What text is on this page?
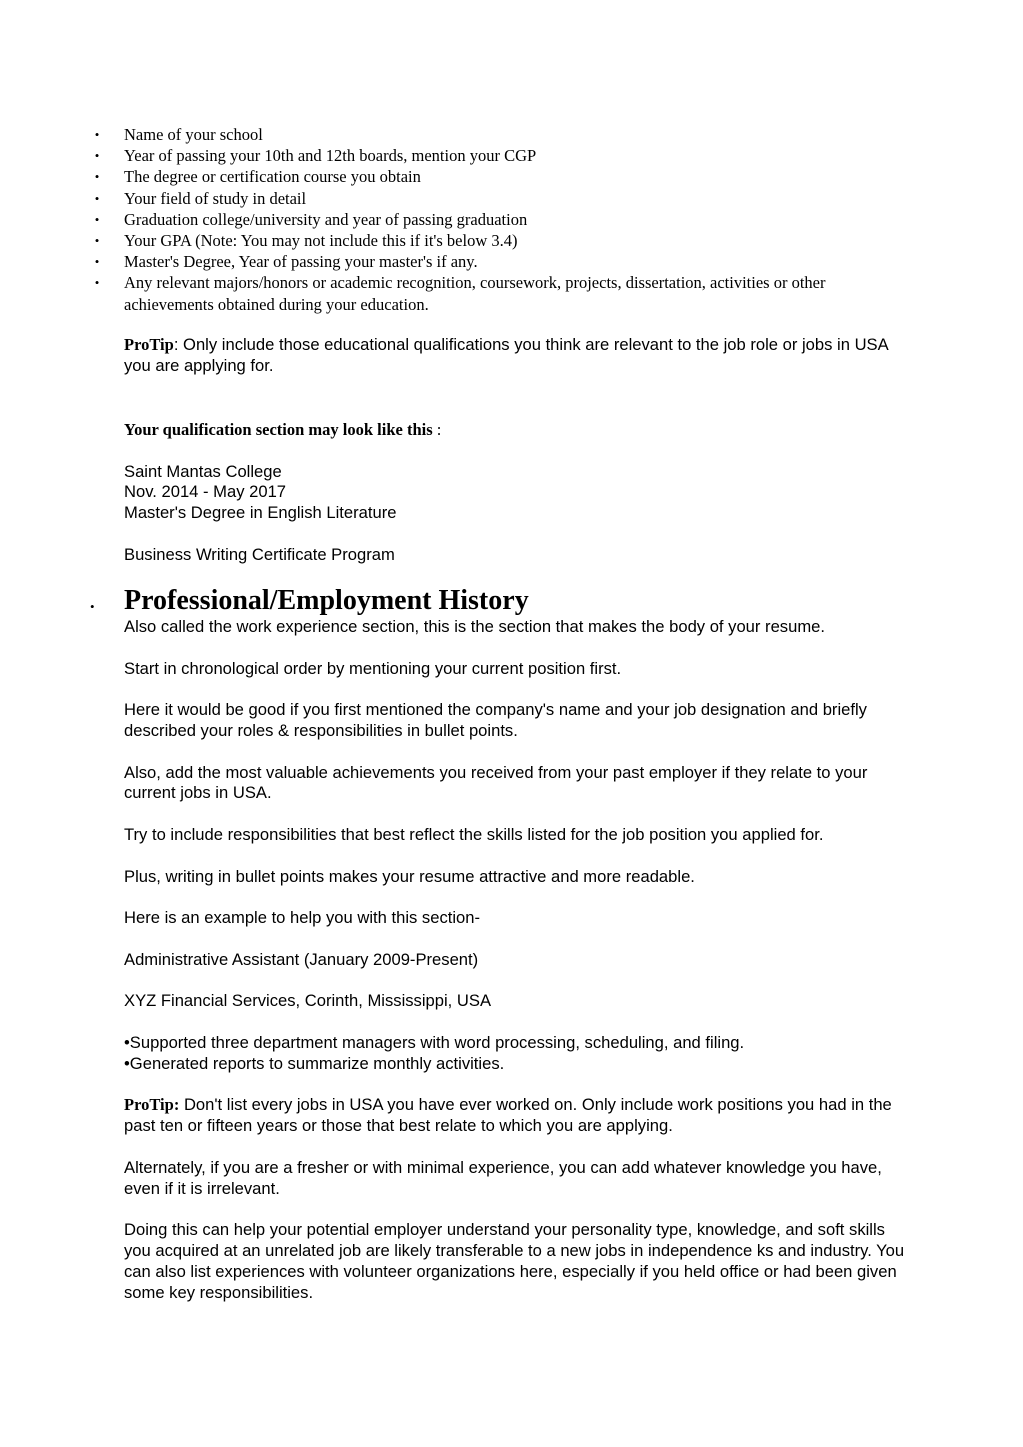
• Name of your school
• Year of passing your 10th and 12th boards, mention your CGP
• The degree or certification course you obtain
• Your field of study in detail
• Graduation college/university and year of passing graduation
• Your GPA (Note: You may not include this if it's below 3.4)
• Master's Degree, Year of passing your master's if any.
• Any relevant majors/honors or academic recognition, coursework, projects, dissertation, activities or other achievements obtained during your education.

ProTip: Only include those educational qualifications you think are relevant to the job role or jobs in USA you are applying for.

Your qualification section may look like this :

Saint Mantas College

Nov. 2014 - May 2017

Master's Degree in English Literature

Business Writing Certificate Program

• Professional/Employment History

Also called the work experience section, this is the section that makes the body of your resume.

Start in chronological order by mentioning your current position first.

Here it would be good if you first mentioned the company's name and your job designation and briefly described your roles & responsibilities in bullet points.

Also, add the most valuable achievements you received from your past employer if they relate to your current jobs in USA.

Try to include responsibilities that best reflect the skills listed for the job position you applied for.

Plus, writing in bullet points makes your resume attractive and more readable.

Here is an example to help you with this section-

Administrative Assistant (January 2009-Present)

XYZ Financial Services, Corinth, Mississippi, USA

•Supported three department managers with word processing, scheduling, and filing.

•Generated reports to summarize monthly activities.

ProTip: Don't list every jobs in USA you have ever worked on. Only include work positions you had in the past ten or fifteen years or those that best relate to which you are applying.

Alternately, if you are a fresher or with minimal experience, you can add whatever knowledge you have, even if it is irrelevant.

Doing this can help your potential employer understand your personality type, knowledge, and soft skills you acquired at an unrelated job are likely transferable to a new jobs in independence ks and industry. You can also list experiences with volunteer organizations here, especially if you held office or had been given some key responsibilities.
